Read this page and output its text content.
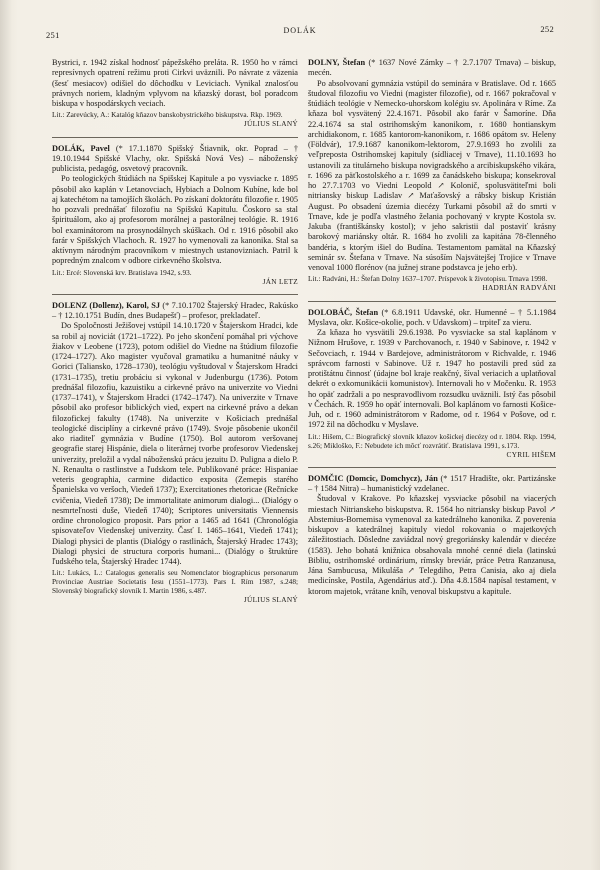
251	DOLÁK	252

Bystrici, r. 1942 získal hodnosť pápežského preláta. R. 1950 ho v rámci represívnych opatrení režimu proti Cirkvi uväznili. Po návrate z väzenia (šesť mesiacov) odišiel do dôchodku v Leviciach. Vynikal znalosťou právnych noriem, kladným vplyvom na kňazský dorast, bol poradcom biskupa v hospodárskych veciach.

Lit.: Zarevúcky, A.: Katalóg kňazov banskobystrického biskupstva. Rkp. 1969.
JÚLIUS SLANÝ

DOLÁK, Pavel (* 17.1.1870 Spišský Štiavnik, okr. Poprad – † 19.10.1944 Spišské Vlachy, okr. Spišská Nová Ves) – náboženský publicista, pedagóg, osvetový pracovník.

Po teologických štúdiách na Spišskej Kapitule a po vysviacke r. 1895 pôsobil ako kaplán v Letanovciach, Hybiach a Dolnom Kubíne, kde bol aj katechétom na tamojších školách. Po získaní doktorátu filozofie r. 1905 ho pozvali prednášať filozofiu na Spišskú Kapitulu. Čoskoro sa stal špirituálom, ako aj profesorom morálnej a pastorálnej teológie. R. 1916 bol examinátorom na prosynodálnych skúškach. Od r. 1916 pôsobil ako farár v Spišských Vlachoch. R. 1927 ho vymenovali za kanonika. Stal sa aktívnym národným pracovníkom v miestnych ustanovizniach. Patril k popredným znalcom v odbore cirkevného školstva.

Lit.: Ercé: Slovenská krv. Bratislava 1942, s.93.
JÁN LETZ

DOLENZ (Dollenz), Karol, SJ (* 7.10.1702 Štajerský Hradec, Rakúsko – † 12.10.1751 Budín, dnes Budapešť) – profesor, prekladateľ.

Do Spoločnosti Ježišovej vstúpil 14.10.1720 v Štajerskom Hradci, kde sa robil aj noviciát (1721–1722). Po jeho skončení pomáhal pri výchove žiakov v Leobene (1723), potom odišiel do Viedne na štúdium filozofie (1724–1727). Ako magister vyučoval gramatiku a humanitné náuky v Gorici (Taliansko, 1728–1730), teológiu vyštudoval v Štajerskom Hradci (1731–1735), tretiu probáciu si vykonal v Judenburgu (1736). Potom prednášal filozofiu, kazuistiku a cirkevné právo na univerzite vo Viedni (1737–1741), v Štajerskom Hradci (1742–1747). Na univerzite v Trnave pôsobil ako profesor biblických vied, expert na cirkevné právo a dekan filozofickej fakulty (1748). Na univerzite v Košiciach prednášal teologické disciplíny a cirkevné právo (1749). Svoje pôsobenie ukončil ako riaditeľ gymnázia v Budíne (1750). Bol autorom veršovanej geografie starej Hispánie, diela o literárnej tvorbe profesorov Viedenskej univerzity, preložil a vydal náboženskú prácu jezuitu D. Puligna a dielo P. N. Renaulta o rastlinstve a ľudskom tele. Publikované práce: Hispaniae veteris geographia, carmine didactico exposita (Zemepis starého Španielska vo veršoch, Viedeň 1737); Exercitationes rhetoricae (Rečnícke cvičenia, Viedeň 1738); De immortalitate animorum dialogi... (Dialógy o nesmrteľnosti duše, Viedeň 1740); Scriptores universitatis Viennensis ordine chronologico proposit. Pars prior a 1465 ad 1641 (Chronológia spisovateľov Viedenskej univerzity. Časť I. 1465–1641, Viedeň 1741); Dialogi physici de plantis (Dialógy o rastlinách, Štajerský Hradec 1743); Dialogi physici de structura corporis humani... (Dialógy o štruktúre ľudského tela, Štajerský Hradec 1744).

Lit.: Lukács, L.: Catalogus generalis seu Nomenclator biographicus personarum Provinciae Austriae Societatis Iesu (1551–1773). Pars I. Rím 1987, s.248; Slovenský biografický slovník I. Martin 1986, s.487.
JÚLIUS SLANÝ

DOLNY, Štefan (* 1637 Nové Zámky – † 2.7.1707 Trnava) – biskup, mecén.

Po absolvovaní gymnázia vstúpil do seminára v Bratislave. Od r. 1665 študoval filozofiu vo Viedni (magister filozofie), od r. 1667 pokračoval v štúdiách teológie v Nemecko-uhorskom kolégiu sv. Apolinára v Ríme. Za kňaza bol vysvätený 22.4.1671. Pôsobil ako farár v Šamoríne. Dňa 22.4.1674 sa stal ostrihomským kanonikom, r. 1680 hontianskym archidiakonom, r. 1685 kantorom-kanonikom, r. 1686 opátom sv. Heleny (Földvár), 17.9.1687 kanonikom-lektorom, 27.9.1693 ho zvolili za veľpreposta Ostrihomskej kapituly (sídliacej v Trnave), 11.10.1693 ho ustanovili za titulárneho biskupa novigradského a arcibiskupského vikára, r. 1696 za päťkostolského a r. 1699 za čanádskeho biskupa; konsekroval ho 27.7.1703 vo Viedni Leopold ↗ Kolonič, spolusvätiteľmi boli nitriansky biskup Ladislav ↗ Maťašovský a rábsky biskup Kristián August. Po obsadení územia diecézy Turkami pôsobil až do smrti v Trnave, kde je podľa vlastného želania pochovaný v krypte Kostola sv. Jakuba (františkánsky kostol); v jeho sakristii dal postaviť krásny barokový mariánsky oltár. R. 1684 ho zvolili za kapitána 78-členného bandéria, s ktorým išiel do Budína. Testamentom pamätal na Kňazský seminár sv. Štefana v Trnave. Na súsoším Najsvätejšej Trojice v Trnave venoval 1000 florénov (na južnej strane podstavca je jeho erb).

Lit.: Radváni, H.: Štefan Dolny 1637–1707. Príspevok k životopisu. Trnava 1998.
HADRIÁN RADVÁNI

DOLOBÁČ, Štefan (* 6.8.1911 Udavské, okr. Humenné – † 5.1.1984 Myslava, okr. Košice-okolie, poch. v Udavskom) – trpiteľ za vieru.

Za kňaza ho vysvätili 29.6.1938. Po vysviacke sa stal kaplánom v Nižnom Hrušove, r. 1939 v Parchovanoch, r. 1940 v Sabinove, r. 1942 v Sečovciach, r. 1944 v Bardejove, administrátorom v Richvalde, r. 1946 správcom farnosti v Sabinove. Už r. 1947 ho postavili pred súd za protištátnu činnosť (údajne bol kraje reakčný, šíval veriacich a uplatňoval dekrét o exkomunikácii komunistov). Internovali ho v Močenku. R. 1953 ho opäť zadržali a po nespravodlivom rozsudku uväznili. Istý čas pôsobil v Čechách. R. 1959 ho opäť internovali. Bol kaplánom vo farnosti Košice-Juh, od r. 1960 administrátorom v Radome, od r. 1964 v Pošove, od r. 1972 žil na dôchodku v Myslave.

Lit.: Hišem, C.: Biografický slovník kňazov košickej diecézy od r. 1804. Rkp. 1994, s.26; Mikloško, F.: Nebudete ich môcť rozvrátiť. Bratislava 1991, s.173.
CYRIL HIŠEM

DOMČIC (Domcic, Domchycz), Ján (* 1517 Hradište, okr. Partizánske – † 1584 Nitra) – humanistický vzdelanec.

Študoval v Krakove. Po kňazskej vysviacke pôsobil na viacerých miestach Nitrianskeho biskupstva. R. 1564 ho nitriansky biskup Pavol ↗ Abstemius-Bornemisa vymenoval za katedrálneho kanonika. Z poverenia biskupov a katedrálnej kapituly viedol rokovania o majetkových záležitostiach. Dôsledne zaviádzal nový gregoriánsky kalendár v diecéze (1583). Jeho bohatá knižnica obsahovala mnohé cenné diela (latinskú Bibliu, ostrihomské ordinárium, rímsky breviár, práce Petra Ranzanusa, Jána Sambucusa, Mikuláša ↗ Telegdiho, Petra Canisia, ako aj diela medicínske, Postila, Agendárius atď.). Dňa 4.8.1584 napísal testament, v ktorom majetok, vrátane kníh, venoval biskupstvu a kapitule.
